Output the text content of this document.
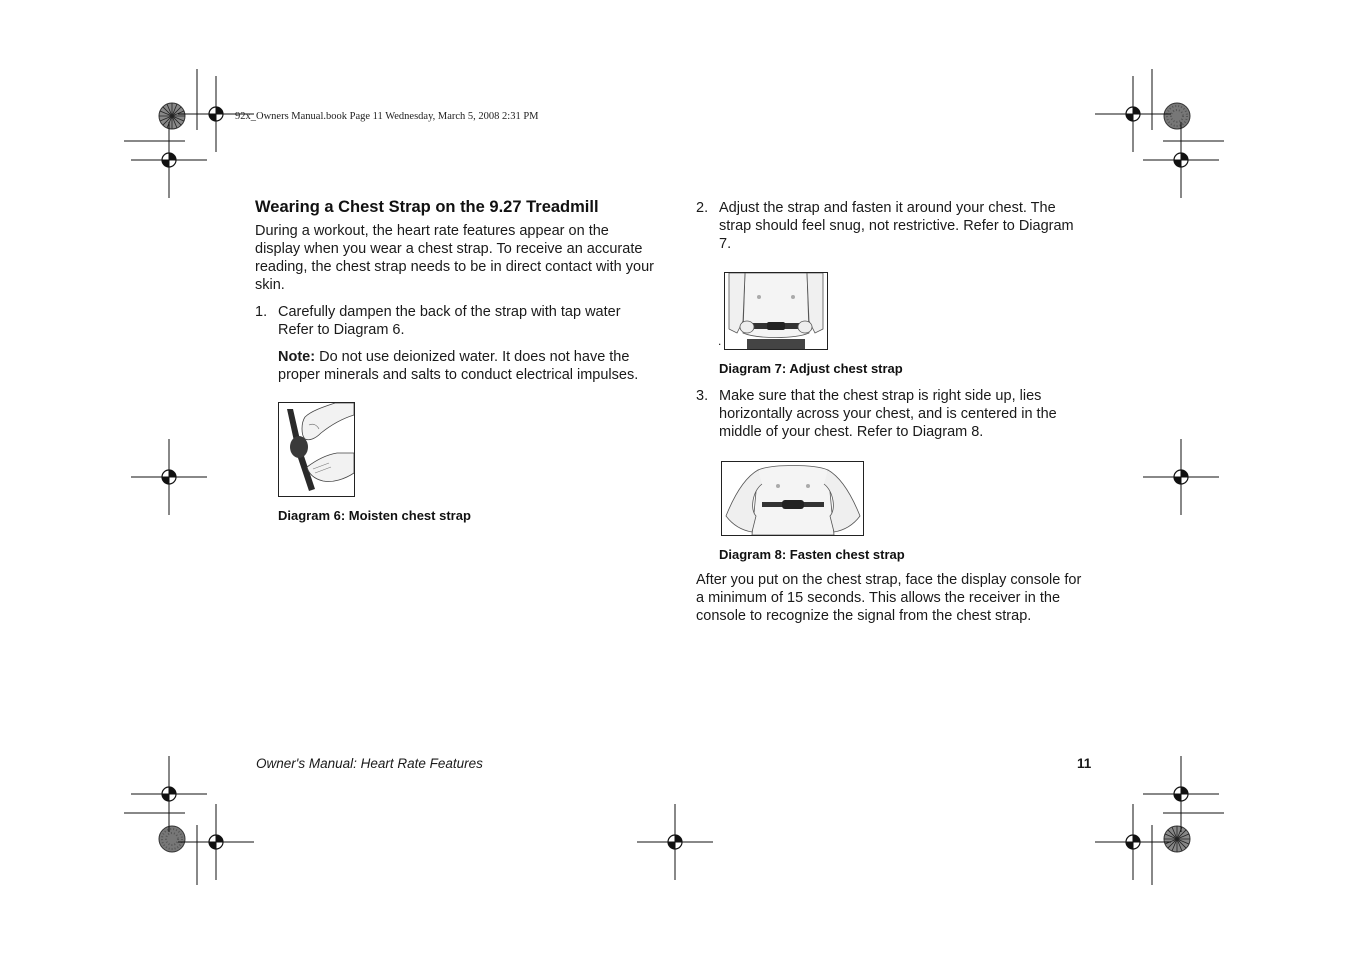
92x_Owners Manual.book Page 11 Wednesday, March 5, 2008 2:31 PM
Wearing a Chest Strap on the 9.27 Treadmill

During a workout, the heart rate features appear on the display when you wear a chest strap. To receive an accurate reading, the chest strap needs to be in direct contact with your skin.

1. Carefully dampen the back of the strap with tap water
Refer to Diagram 6.
Note: Do not use deionized water. It does not have the proper minerals and salts to conduct electrical impulses.
Diagram 6: Moisten chest strap
2. Adjust the strap and fasten it around your chest. The strap should feel snug, not restrictive. Refer to Diagram 7.
.
Diagram 7: Adjust chest strap
3. Make sure that the chest strap is right side up, lies horizontally across your chest, and is centered in the middle of your chest. Refer to Diagram 8.
Diagram 8: Fasten chest strap

After you put on the chest strap, face the display console for a minimum of 15 seconds. This allows the receiver in the console to recognize the signal from the chest strap.

Owner's Manual: Heart Rate Features	11
